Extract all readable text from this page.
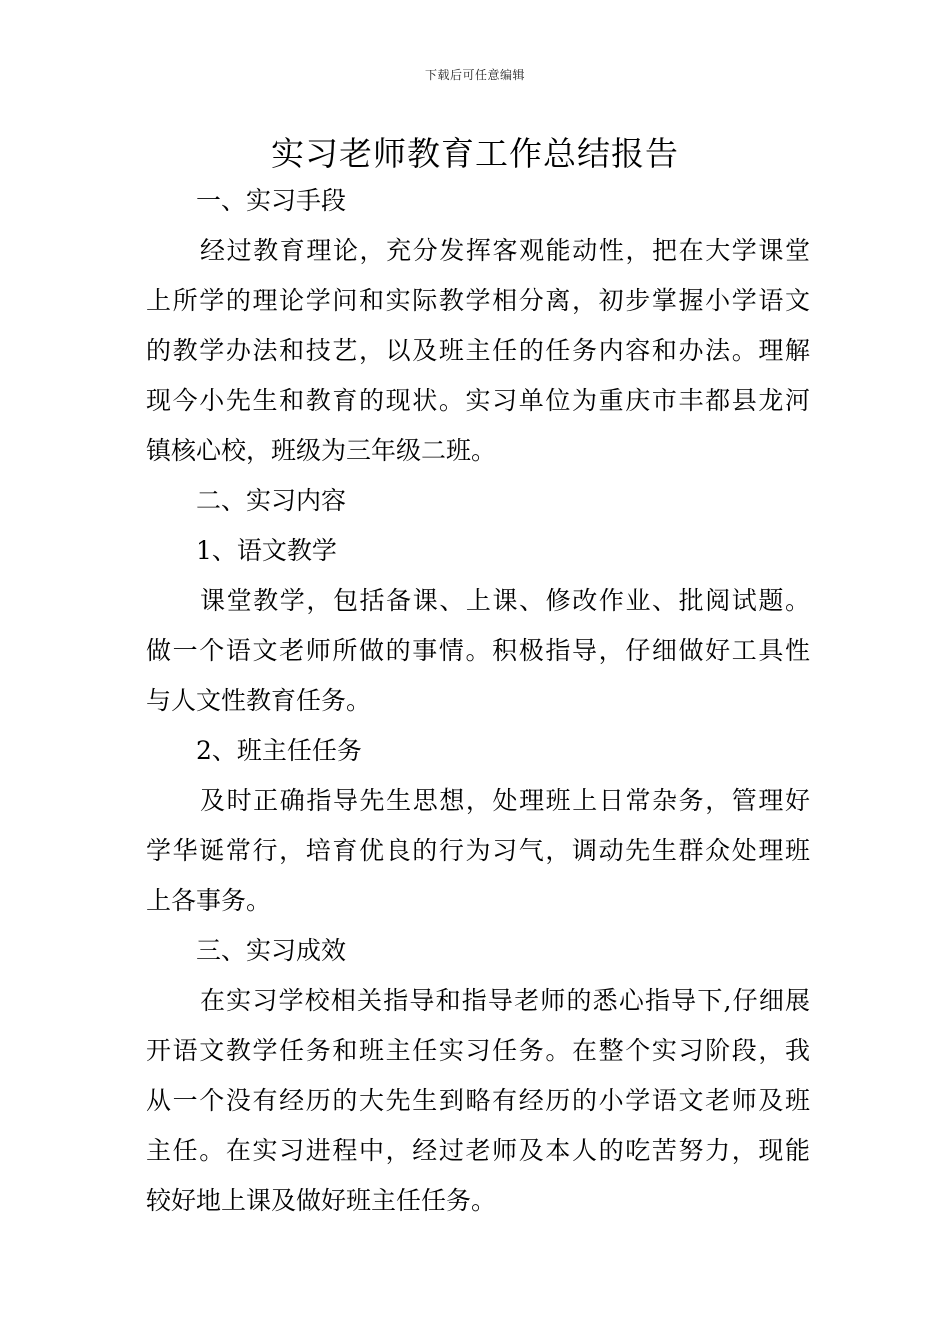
下载后可任意编辑
实习老师教育工作总结报告
一、实习手段
经过教育理论，充分发挥客观能动性，把在大学课堂
上所学的理论学问和实际教学相分离，初步掌握小学语文
的教学办法和技艺，以及班主任的任务内容和办法。理解
现今小先生和教育的现状。实习单位为重庆市丰都县龙河
镇核心校，班级为三年级二班。
二、实习内容
1、语文教学
课堂教学，包括备课、上课、修改作业、批阅试题。
做一个语文老师所做的事情。积极指导，仔细做好工具性
与人文性教育任务。
2、班主任任务
及时正确指导先生思想，处理班上日常杂务，管理好
学华诞常行，培育优良的行为习气，调动先生群众处理班
上各事务。
三、实习成效
在实习学校相关指导和指导老师的悉心指导下,仔细展
开语文教学任务和班主任实习任务。在整个实习阶段，我
从一个没有经历的大先生到略有经历的小学语文老师及班
主任。在实习进程中，经过老师及本人的吃苦努力，现能
较好地上课及做好班主任任务。
